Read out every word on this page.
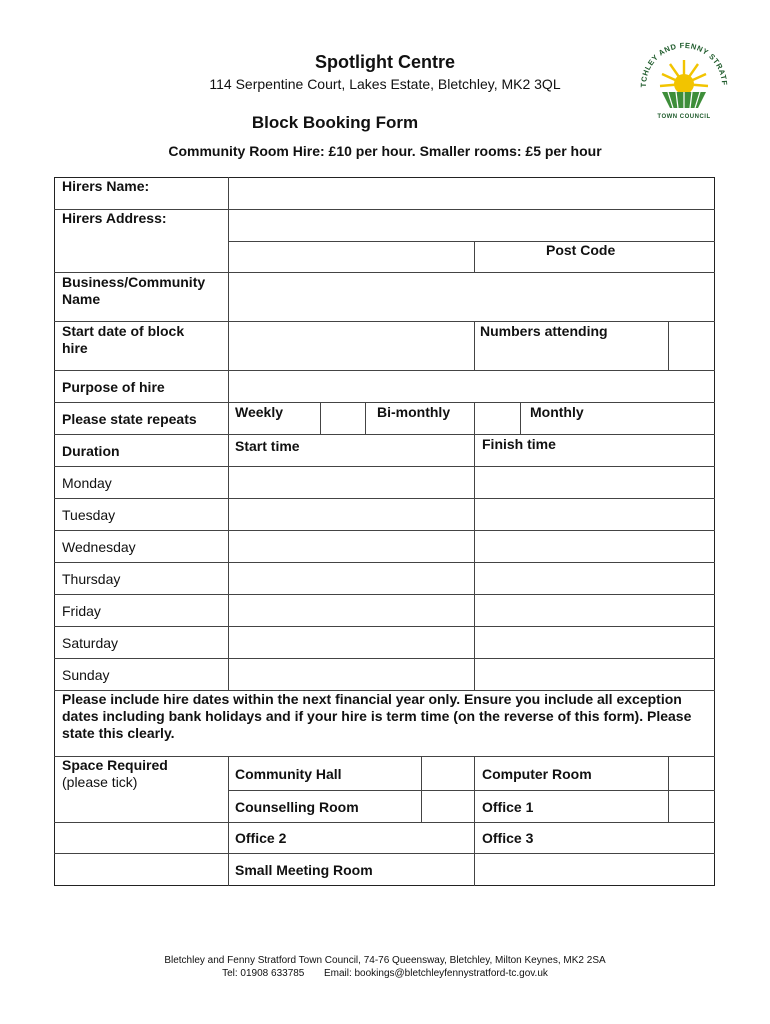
Spotlight Centre
114 Serpentine Court, Lakes Estate, Bletchley, MK2 3QL
Block Booking Form
Community Room Hire: £10 per hour. Smaller rooms: £5 per hour
TCHLEY AND FENNY STRATF
TOWN COUNCIL
Hirers Name:
Hirers Address:
Post Code
Business/Community Name
Start date of block hire
Numbers attending
Purpose of hire
Please state repeats	Weekly	Bi-monthly	Monthly
Duration	Start time	Finish time
Monday
Tuesday
Wednesday
Thursday
Friday
Saturday
Sunday
Please include hire dates within the next financial year only. Ensure you include all exception dates including bank holidays and if your hire is term time (on the reverse of this form). Please state this clearly.
Space Required
(please tick)	Community Hall	Computer Room
Counselling Room	Office 1
Office 2	Office 3
Small Meeting Room
Bletchley and Fenny Stratford Town Council, 74-76 Queensway, Bletchley, Milton Keynes, MK2 2SA
Tel: 01908 633785 Email: bookings@bletchleyfennystratford-tc.gov.uk
